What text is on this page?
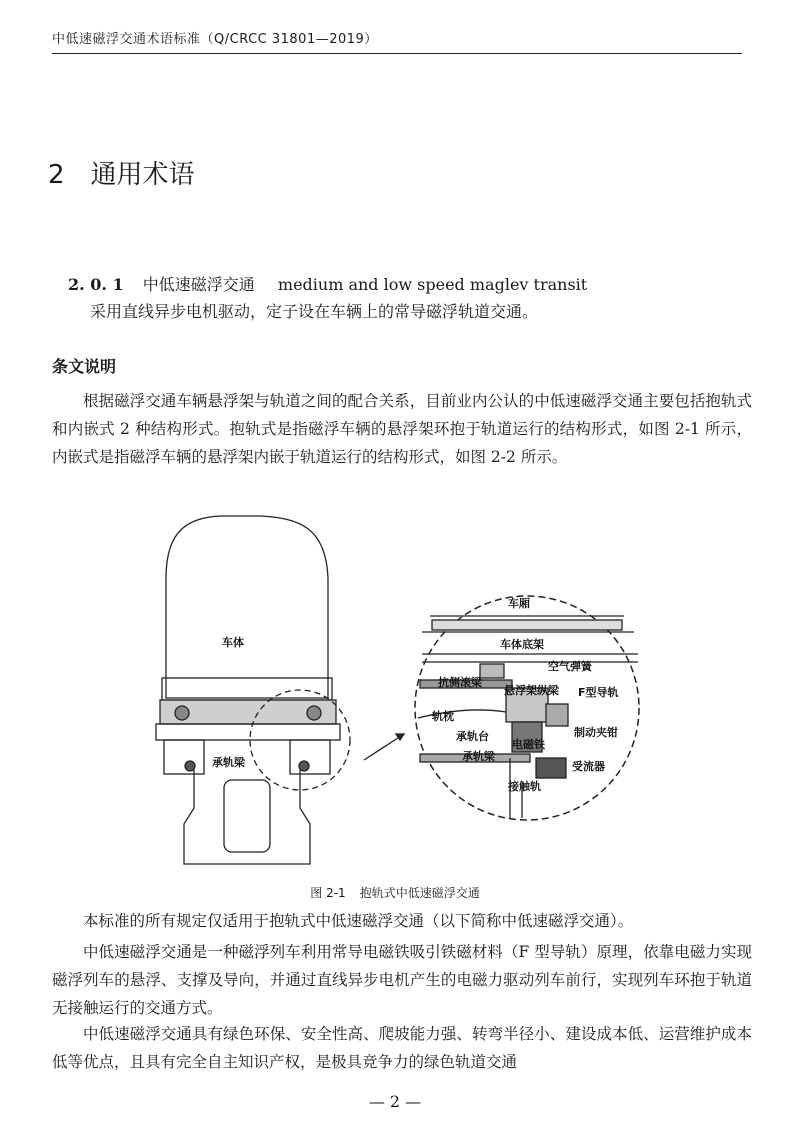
中低速磁浮交通术语标准（Q/CRCC 31801—2019）
2 通用术语
2. 0. 1 中低速磁浮交通 medium and low speed maglev transit
采用直线异步电机驱动，定子设在车辆上的常导磁浮轨道交通。
条文说明

根据磁浮交通车辆悬浮架与轨道之间的配合关系，目前业内公认的中低速磁浮交通主要包括抱轨式和内嵌式 2 种结构形式。抱轨式是指磁浮车辆的悬浮架环抱于轨道运行的结构形式，如图 2-1 所示，内嵌式是指磁浮车辆的悬浮架内嵌于轨道运行的结构形式，如图 2-2 所示。

车体
承轨梁
车厢
车体底架
空气弹簧
抗侧滚梁
悬浮架纵梁 F型导轨
轨枕
制动夹钳
承轨台
电磁铁
承轨梁
受流器
接触轨
图 2-1 抱轨式中低速磁浮交通

本标准的所有规定仅适用于抱轨式中低速磁浮交通（以下简称中低速磁浮交通）。

中低速磁浮交通是一种磁浮列车利用常导电磁铁吸引铁磁材料（F 型导轨）原理，依靠电磁力实现磁浮列车的悬浮、支撑及导向，并通过直线异步电机产生的电磁力驱动列车前行，实现列车环抱于轨道无接触运行的交通方式。

中低速磁浮交通具有绿色环保、安全性高、爬坡能力强、转弯半径小、建设成本低、运营维护成本低等优点，且具有完全自主知识产权，是极具竞争力的绿色轨道交通

— 2 —
